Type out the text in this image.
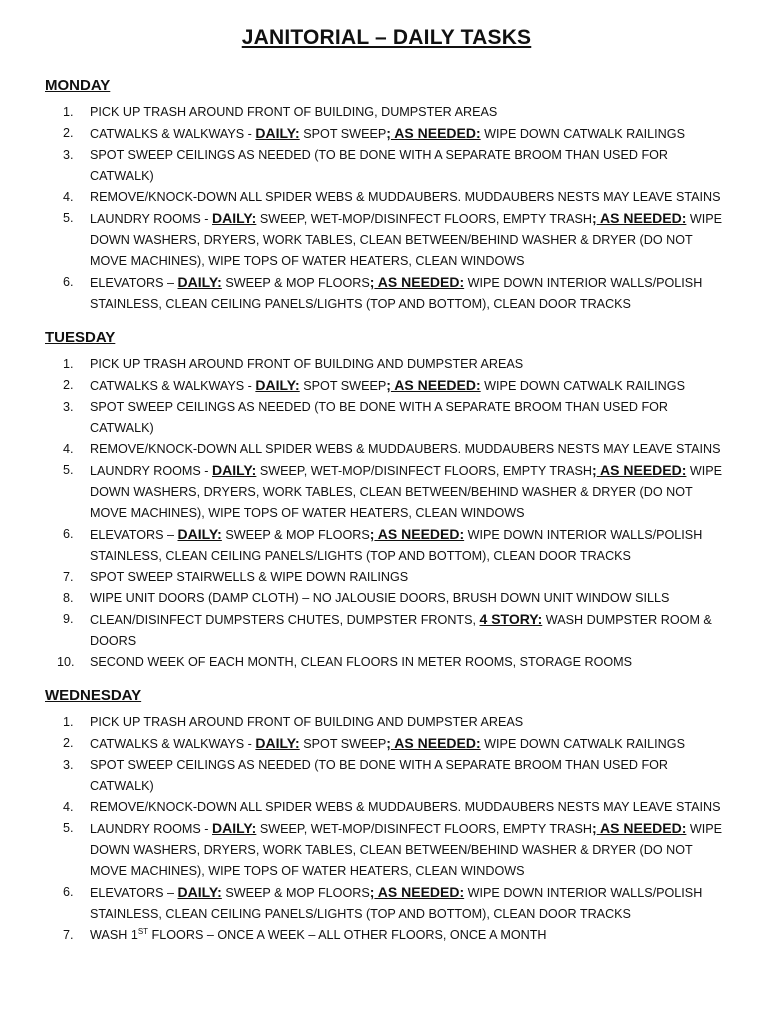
JANITORIAL – DAILY TASKS
MONDAY
1.	PICK UP TRASH AROUND FRONT OF BUILDING, DUMPSTER AREAS

2.	CATWALKS & WALKWAYS - DAILY: SPOT SWEEP; AS NEEDED: WIPE DOWN CATWALK RAILINGS

3.	SPOT SWEEP CEILINGS AS NEEDED (TO BE DONE WITH A SEPARATE BROOM THAN USED FOR CATWALK)

4.	REMOVE/KNOCK-DOWN ALL SPIDER WEBS & MUDDAUBERS. MUDDAUBERS NESTS MAY LEAVE STAINS

5.	LAUNDRY ROOMS - DAILY: SWEEP, WET-MOP/DISINFECT FLOORS, EMPTY TRASH; AS NEEDED: WIPE DOWN WASHERS, DRYERS, WORK TABLES, CLEAN BETWEEN/BEHIND WASHER & DRYER (DO NOT MOVE MACHINES), WIPE TOPS OF WATER HEATERS, CLEAN WINDOWS

6.	ELEVATORS – DAILY: SWEEP & MOP FLOORS; AS NEEDED: WIPE DOWN INTERIOR WALLS/POLISH STAINLESS, CLEAN CEILING PANELS/LIGHTS (TOP AND BOTTOM), CLEAN DOOR TRACKS

TUESDAY
1.	PICK UP TRASH AROUND FRONT OF BUILDING AND DUMPSTER AREAS

2.	CATWALKS & WALKWAYS - DAILY: SPOT SWEEP; AS NEEDED: WIPE DOWN CATWALK RAILINGS

3.	SPOT SWEEP CEILINGS AS NEEDED (TO BE DONE WITH A SEPARATE BROOM THAN USED FOR CATWALK)

4.	REMOVE/KNOCK-DOWN ALL SPIDER WEBS & MUDDAUBERS. MUDDAUBERS NESTS MAY LEAVE STAINS

5.	LAUNDRY ROOMS - DAILY: SWEEP, WET-MOP/DISINFECT FLOORS, EMPTY TRASH; AS NEEDED: WIPE DOWN WASHERS, DRYERS, WORK TABLES, CLEAN BETWEEN/BEHIND WASHER & DRYER (DO NOT MOVE MACHINES), WIPE TOPS OF WATER HEATERS, CLEAN WINDOWS

6.	ELEVATORS – DAILY: SWEEP & MOP FLOORS; AS NEEDED: WIPE DOWN INTERIOR WALLS/POLISH STAINLESS, CLEAN CEILING PANELS/LIGHTS (TOP AND BOTTOM), CLEAN DOOR TRACKS

7.	SPOT SWEEP STAIRWELLS & WIPE DOWN RAILINGS

8.	WIPE UNIT DOORS (DAMP CLOTH) – NO JALOUSIE DOORS, BRUSH DOWN UNIT WINDOW SILLS

9.	CLEAN/DISINFECT DUMPSTERS CHUTES, DUMPSTER FRONTS, 4 STORY: WASH DUMPSTER ROOM & DOORS

10.	SECOND WEEK OF EACH MONTH, CLEAN FLOORS IN METER ROOMS, STORAGE ROOMS

WEDNESDAY
1.	PICK UP TRASH AROUND FRONT OF BUILDING AND DUMPSTER AREAS

2.	CATWALKS & WALKWAYS - DAILY: SPOT SWEEP; AS NEEDED: WIPE DOWN CATWALK RAILINGS

3.	SPOT SWEEP CEILINGS AS NEEDED (TO BE DONE WITH A SEPARATE BROOM THAN USED FOR CATWALK)

4.	REMOVE/KNOCK-DOWN ALL SPIDER WEBS & MUDDAUBERS. MUDDAUBERS NESTS MAY LEAVE STAINS

5.	LAUNDRY ROOMS - DAILY: SWEEP, WET-MOP/DISINFECT FLOORS, EMPTY TRASH; AS NEEDED: WIPE DOWN WASHERS, DRYERS, WORK TABLES, CLEAN BETWEEN/BEHIND WASHER & DRYER (DO NOT MOVE MACHINES), WIPE TOPS OF WATER HEATERS, CLEAN WINDOWS

6.	ELEVATORS – DAILY: SWEEP & MOP FLOORS; AS NEEDED: WIPE DOWN INTERIOR WALLS/POLISH STAINLESS, CLEAN CEILING PANELS/LIGHTS (TOP AND BOTTOM), CLEAN DOOR TRACKS

7.	WASH 1ST FLOORS – ONCE A WEEK – ALL OTHER FLOORS, ONCE A MONTH
